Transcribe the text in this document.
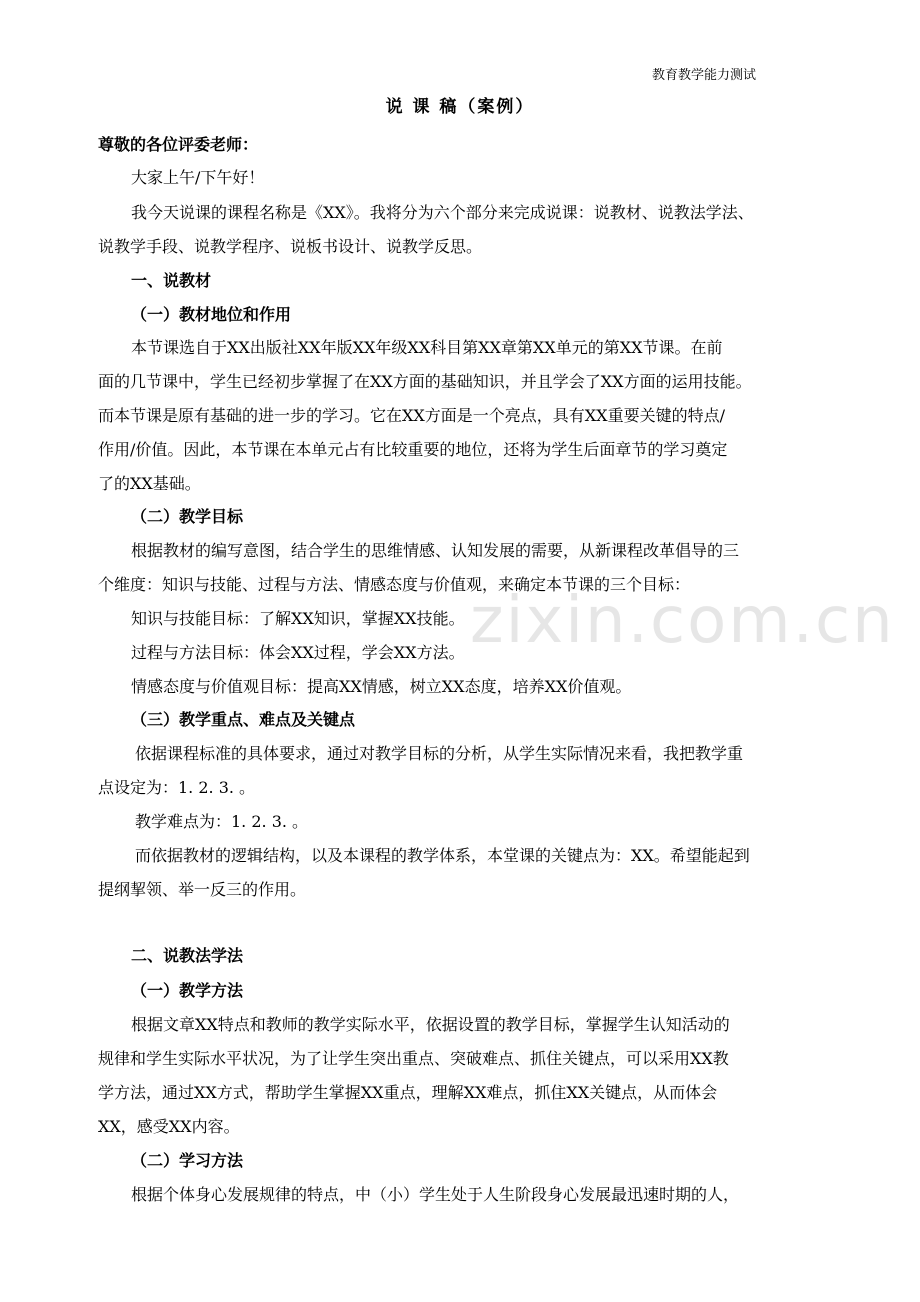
教育教学能力测试
说 课 稿（案例）
尊敬的各位评委老师：
大家上午/下午好！
我今天说课的课程名称是《XX》。我将分为六个部分来完成说课：说教材、说教法学法、
说教学手段、说教学程序、说板书设计、说教学反思。
一、说教材
（一）教材地位和作用
本节课选自于XX出版社XX年版XX年级XX科目第XX章第XX单元的第XX节课。在前
面的几节课中，学生已经初步掌握了在XX方面的基础知识，并且学会了XX方面的运用技能。
而本节课是原有基础的进一步的学习。它在XX方面是一个亮点，具有XX重要关键的特点/
作用/价值。因此，本节课在本单元占有比较重要的地位，还将为学生后面章节的学习奠定
了的XX基础。
（二）教学目标
根据教材的编写意图，结合学生的思维情感、认知发展的需要，从新课程改革倡导的三
个维度：知识与技能、过程与方法、情感态度与价值观，来确定本节课的三个目标：
知识与技能目标：了解XX知识，掌握XX技能。
过程与方法目标：体会XX过程，学会XX方法。
情感态度与价值观目标：提高XX情感，树立XX态度，培养XX价值观。
（三）教学重点、难点及关键点
依据课程标准的具体要求，通过对教学目标的分析，从学生实际情况来看，我把教学重
点设定为：1. 2. 3. 。
教学难点为：1. 2. 3. 。
而依据教材的逻辑结构，以及本课程的教学体系，本堂课的关键点为：XX。希望能起到
提纲挈领、举一反三的作用。
二、说教法学法
（一）教学方法
根据文章XX特点和教师的教学实际水平，依据设置的教学目标，掌握学生认知活动的
规律和学生实际水平状况，为了让学生突出重点、突破难点、抓住关键点，可以采用XX教
学方法，通过XX方式，帮助学生掌握XX重点，理解XX难点，抓住XX关键点，从而体会
XX，感受XX内容。
（二）学习方法
根据个体身心发展规律的特点，中（小）学生处于人生阶段身心发展最迅速时期的人，
zixin.com.cn
